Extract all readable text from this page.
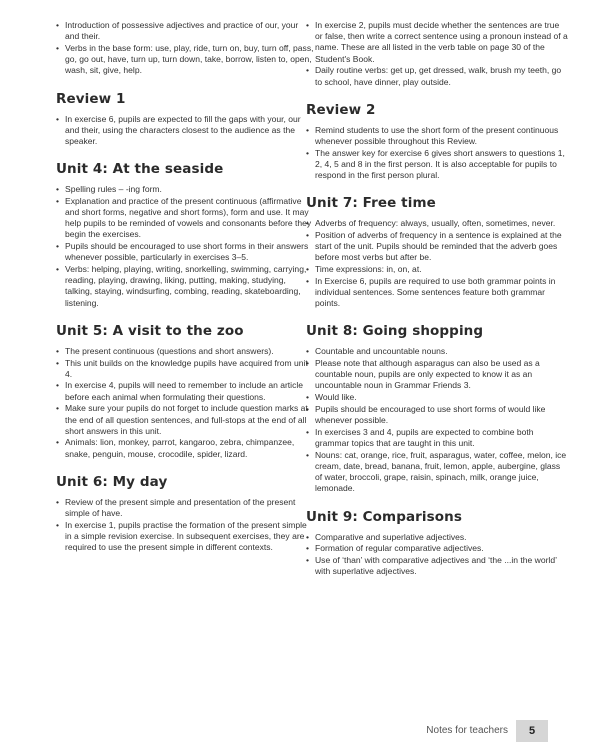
• Introduction of possessive adjectives and practice of our, your and their.
• Verbs in the base form: use, play, ride, turn on, buy, turn off, pass, go, go out, have, turn up, turn down, take, borrow, listen to, open, wash, sit, give, help.
Review 1
• In exercise 6, pupils are expected to fill the gaps with your, our and their, using the characters closest to the audience as the speaker.
Unit 4: At the seaside
• Spelling rules – -ing form.
• Explanation and practice of the present continuous (affirmative and short forms, negative and short forms), form and use. It may help pupils to be reminded of vowels and consonants before they begin the exercises.
• Pupils should be encouraged to use short forms in their answers whenever possible, particularly in exercises 3–5.
• Verbs: helping, playing, writing, snorkelling, swimming, carrying, reading, playing, drawing, liking, putting, making, studying, talking, staying, windsurfing, combing, reading, skateboarding, listening.
Unit 5: A visit to the zoo
• The present continuous (questions and short answers).
• This unit builds on the knowledge pupils have acquired from unit 4.
• In exercise 4, pupils will need to remember to include an article before each animal when formulating their questions.
• Make sure your pupils do not forget to include question marks at the end of all question sentences, and full-stops at the end of all short answers in this unit.
• Animals: lion, monkey, parrot, kangaroo, zebra, chimpanzee, snake, penguin, mouse, crocodile, spider, lizard.
Unit 6: My day
• Review of the present simple and presentation of the present simple of have.
• In exercise 1, pupils practise the formation of the present simple in a simple revision exercise. In subsequent exercises, they are required to use the present simple in different contexts.
• In exercise 2, pupils must decide whether the sentences are true or false, then write a correct sentence using a pronoun instead of a name. These are all listed in the verb table on page 30 of the Student's Book.
• Daily routine verbs: get up, get dressed, walk, brush my teeth, go to school, have dinner, play outside.
Review 2
• Remind students to use the short form of the present continuous whenever possible throughout this Review.
• The answer key for exercise 6 gives short answers to questions 1, 2, 4, 5 and 8 in the first person. It is also acceptable for pupils to respond in the first person plural.
Unit 7: Free time
• Adverbs of frequency: always, usually, often, sometimes, never.
• Position of adverbs of frequency in a sentence is explained at the start of the unit. Pupils should be reminded that the adverb goes before most verbs but after be.
• Time expressions: in, on, at.
• In Exercise 6, pupils are required to use both grammar points in individual sentences. Some sentences feature both grammar points.
Unit 8: Going shopping
• Countable and uncountable nouns.
• Please note that although asparagus can also be used as a countable noun, pupils are only expected to know it as an uncountable noun in Grammar Friends 3.
• Would like.
• Pupils should be encouraged to use short forms of would like whenever possible.
• In exercises 3 and 4, pupils are expected to combine both grammar topics that are taught in this unit.
• Nouns: cat, orange, rice, fruit, asparagus, water, coffee, melon, ice cream, date, bread, banana, fruit, lemon, apple, aubergine, glass of water, broccoli, grape, raisin, spinach, milk, orange juice, lemonade.
Unit 9: Comparisons
• Comparative and superlative adjectives.
• Formation of regular comparative adjectives.
• Use of ‘than’ with comparative adjectives and ‘the ...in the world’ with superlative adjectives.
Notes for teachers	5
